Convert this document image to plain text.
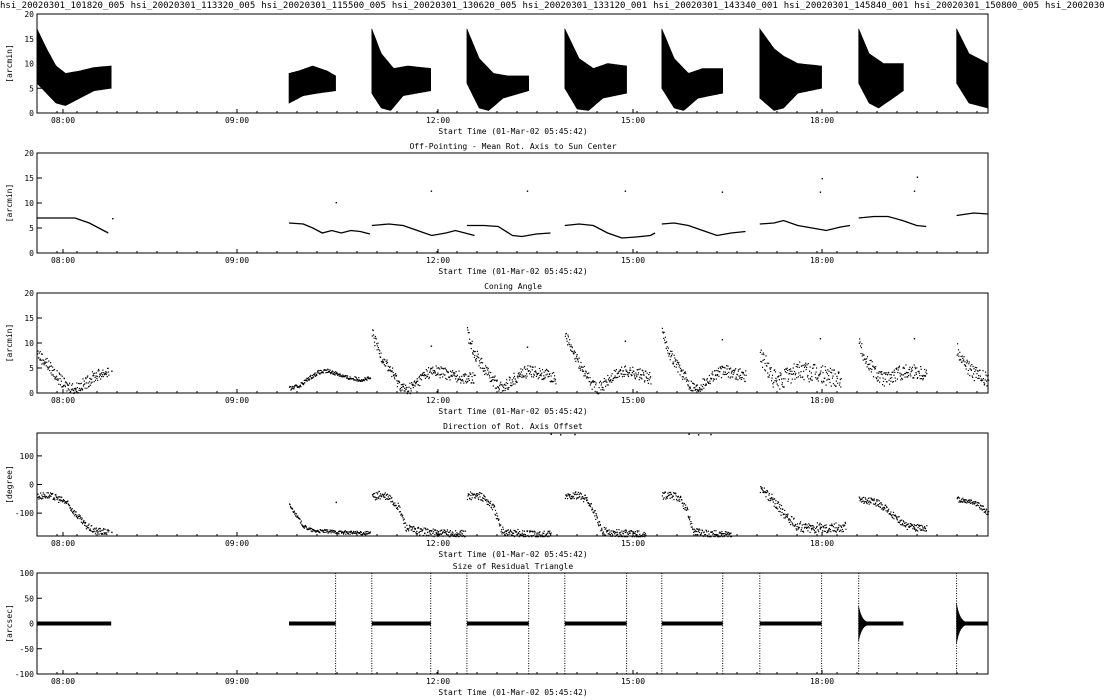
hsi_20020301_101820_005 hsi_20020301_113320_005 hsi_20020301_115500_005 hsi_20020301_130620_005 hsi_20020301_133120_001 hsi_20020301_143340_001 hsi_20020301_145840_001 hsi_20020301_150800_005 hsi_2002030
0
5
10
15
20
08:00	09:00	12:00	15:00	18:00
[arcmin]
Start Time (01-Mar-02 05:45:42)
0
5
10
15
20
08:00	09:00	12:00	15:00	18:00
[arcmin]
Start Time (01-Mar-02 05:45:42)
Off-Pointing - Mean Rot. Axis to Sun Center
0
5
10
15
20
08:00	09:00	12:00	15:00	18:00
[arcmin]
Start Time (01-Mar-02 05:45:42)
Coning Angle
-100
0
100
08:00	09:00	12:00	15:00	18:00
[degree]
Start Time (01-Mar-02 05:45:42)
Direction of Rot. Axis Offset
-100
-50
0
50
100
08:00	09:00	12:00	15:00	18:00
[arcsec]
Start Time (01-Mar-02 05:45:42)
Size of Residual Triangle
